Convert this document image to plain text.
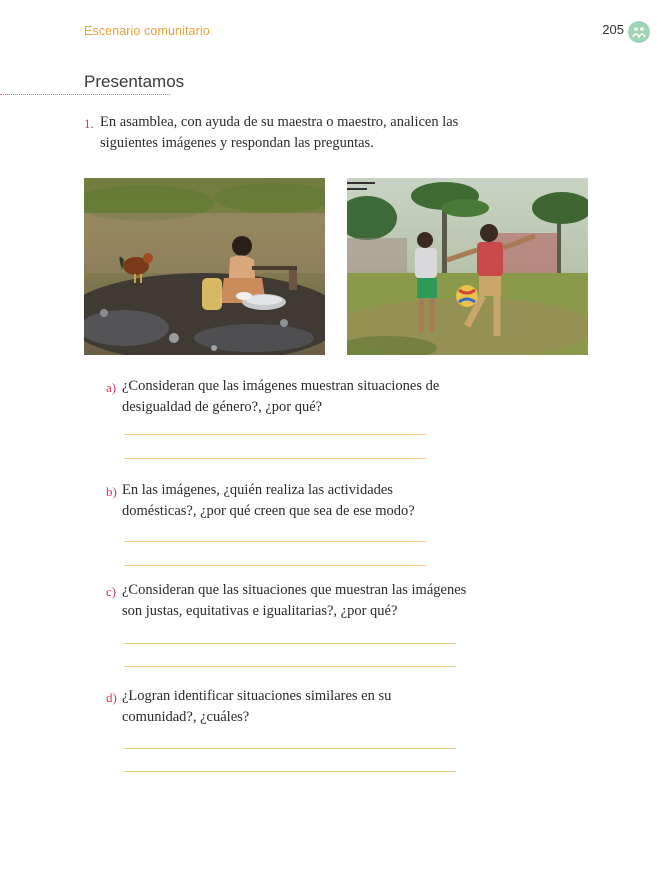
Escenario comunitario	205
Presentamos
1. En asamblea, con ayuda de su maestra o maestro, analicen las siguientes imágenes y respondan las preguntas.
a) ¿Consideran que las imágenes muestran situaciones de desigualdad de género?, ¿por qué?
b) En las imágenes, ¿quién realiza las actividades domésticas?, ¿por qué creen que sea de ese modo?
c) ¿Consideran que las situaciones que muestran las imágenes son justas, equitativas e igualitarias?, ¿por qué?
d) ¿Logran identificar situaciones similares en su comunidad?, ¿cuáles?
